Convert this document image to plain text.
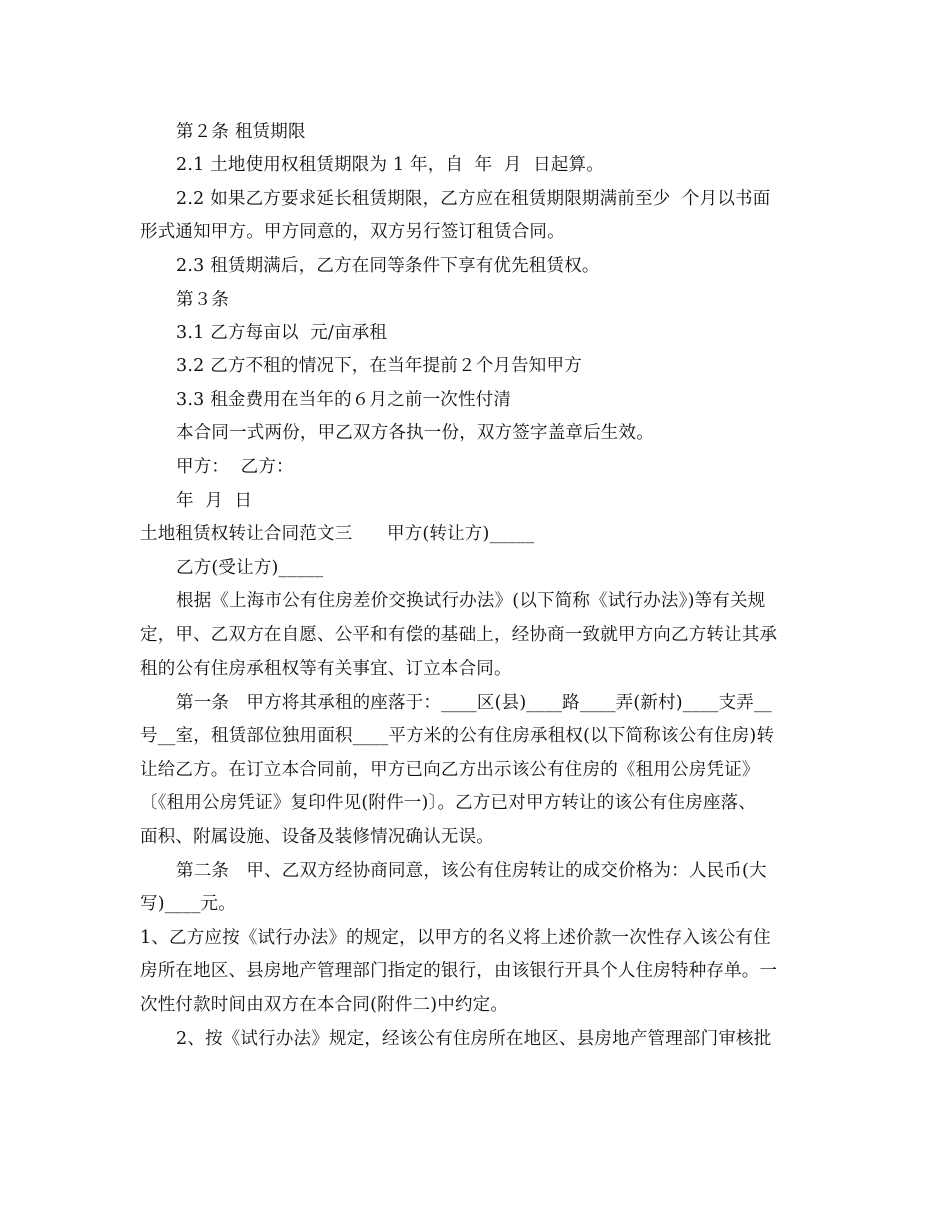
第２条 租赁期限
2.1 土地使用权租赁期限为 1 年，自  年  月  日起算。
2.2 如果乙方要求延长租赁期限，乙方应在租赁期限期满前至少  个月以书面
形式通知甲方。甲方同意的，双方另行签订租赁合同。
2.3 租赁期满后，乙方在同等条件下享有优先租赁权。
第３条
3.1 乙方每亩以  元/亩承租
3.2 乙方不租的情况下，在当年提前２个月告知甲方
3.3 租金费用在当年的６月之前一次性付清
本合同一式两份，甲乙双方各执一份，双方签字盖章后生效。
甲方：  乙方：
年  月  日
土地租赁权转让合同范文三      甲方(转让方)_____
乙方(受让方)_____
根据《上海市公有住房差价交换试行办法》(以下简称《试行办法》)等有关规
定，甲、乙双方在自愿、公平和有偿的基础上，经协商一致就甲方向乙方转让其承
租的公有住房承租权等有关事宜、订立本合同。
第一条   甲方将其承租的座落于：____区(县)____路____弄(新村)____支弄__
号__室，租赁部位独用面积____平方米的公有住房承租权(以下简称该公有住房)转
让给乙方。在订立本合同前，甲方已向乙方出示该公有住房的《租用公房凭证》
〔《租用公房凭证》复印件见(附件一)〕。乙方已对甲方转让的该公有住房座落、
面积、附属设施、设备及装修情况确认无误。
第二条   甲、乙双方经协商同意，该公有住房转让的成交价格为：人民币(大
写)____元。
1、乙方应按《试行办法》的规定，以甲方的名义将上述价款一次性存入该公有住
房所在地区、县房地产管理部门指定的银行，由该银行开具个人住房特种存单。一
次性付款时间由双方在本合同(附件二)中约定。
2、按《试行办法》规定，经该公有住房所在地区、县房地产管理部门审核批
